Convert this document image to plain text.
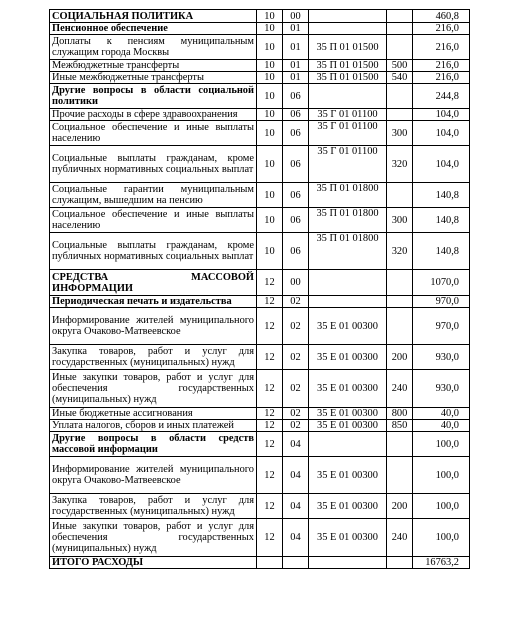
СОЦИАЛЬНАЯ ПОЛИТИКА	10	00			460,8
Пенсионное обеспечение	10	01			216,0
Доплаты к пенсиям муниципальным служащим города Москвы	10	01	35 П 01 01500		216,0
Межбюджетные трансферты	10	01	35 П 01 01500	500	216,0
Иные межбюджетные трансферты	10	01	35 П 01 01500	540	216,0
Другие вопросы в области социальной политики	10	06			244,8
Прочие расходы в сфере здравоохранения	10	06	35 Г 01 01100		104,0
Социальное обеспечение и иные выплаты населению	10	06	35 Г 01 01100	300	104,0
Социальные выплаты гражданам, кроме публичных нормативных социальных выплат	10	06	35 Г 01 01100	320	104,0
Социальные гарантии муниципальным служащим, вышедшим на пенсию	10	06	35 П 01 01800		140,8
Социальное обеспечение и иные выплаты населению	10	06	35 П 01 01800	300	140,8
Социальные выплаты гражданам, кроме публичных нормативных социальных выплат	10	06	35 П 01 01800	320	140,8
СРЕДСТВА МАССОВОЙ ИНФОРМАЦИИ	12	00			1070,0
Периодическая печать и издательства	12	02			970,0
Информирование жителей муниципального округа Очаково-Матвеевское	12	02	35 Е 01 00300		970,0
Закупка товаров, работ и услуг для государственных (муниципальных) нужд	12	02	35 Е 01 00300	200	930,0
Иные закупки товаров, работ и услуг для обеспечения государственных (муниципальных) нужд	12	02	35 Е 01 00300	240	930,0
Иные бюджетные ассигнования	12	02	35 Е 01 00300	800	40,0
Уплата налогов, сборов и иных платежей	12	02	35 Е 01 00300	850	40,0
Другие вопросы в области средств массовой информации	12	04			100,0
Информирование жителей муниципального округа Очаково-Матвеевское	12	04	35 Е 01 00300		100,0
Закупка товаров, работ и услуг для государственных (муниципальных) нужд	12	04	35 Е 01 00300	200	100,0
Иные закупки товаров, работ и услуг для обеспечения государственных (муниципальных) нужд	12	04	35 Е 01 00300	240	100,0
ИТОГО РАСХОДЫ					16763,2
